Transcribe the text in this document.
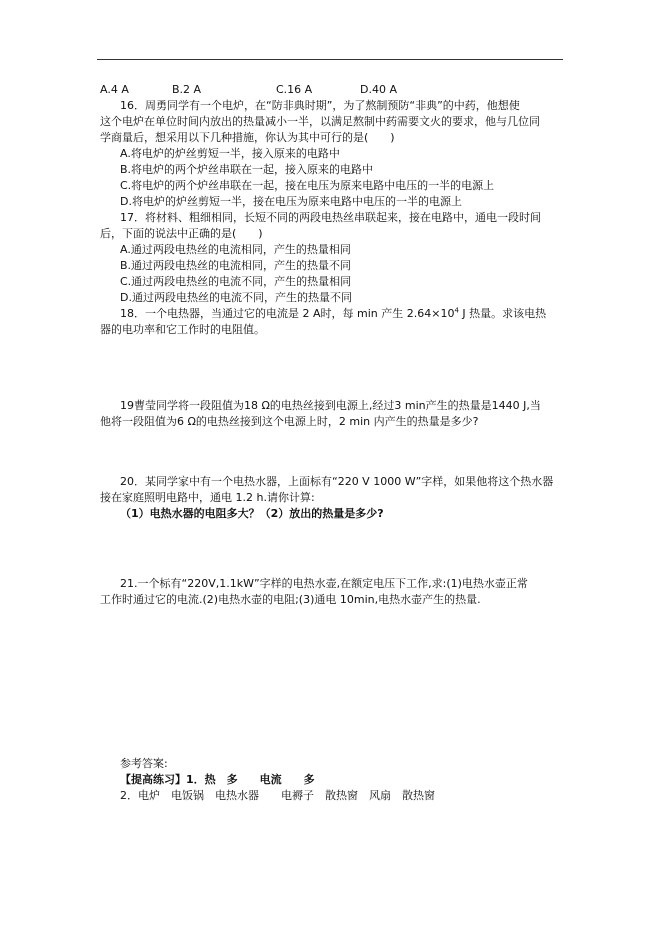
A.4 A	B.2 A	C.16 A	D.40 A
16．周勇同学有一个电炉，在“防非典时期”，为了熬制预防“非典”的中药，他想使
这个电炉在单位时间内放出的热量减小一半，以满足熬制中药需要文火的要求，他与几位同
学商量后，想采用以下几种措施，你认为其中可行的是(　　)
A.将电炉的炉丝剪短一半，接入原来的电路中
B.将电炉的两个炉丝串联在一起，接入原来的电路中
C.将电炉的两个炉丝串联在一起，接在电压为原来电路中电压的一半的电源上
D.将电炉的炉丝剪短一半，接在电压为原来电路中电压的一半的电源上
17．将材料、粗细相同，长短不同的两段电热丝串联起来，接在电路中，通电一段时间
后，下面的说法中正确的是(　　)
A.通过两段电热丝的电流相同，产生的热量相同
B.通过两段电热丝的电流相同，产生的热量不同
C.通过两段电热丝的电流不同，产生的热量相同
D.通过两段电热丝的电流不同，产生的热量不同
18．一个电热器，当通过它的电流是 2 A时，每 min 产生 $2.64\times 10^4$ J 热量。求该电热
器的电功率和它工作时的电阻值。
19曹莹同学将一段阻值为18 Ω的电热丝接到电源上,经过3 min产生的热量是1440 J,当
他将一段阻值为6 Ω的电热丝接到这个电源上时，2 min 内产生的热量是多少?
20．某同学家中有一个电热水器，上面标有“220 V 1000 W”字样，如果他将这个热水器
接在家庭照明电路中，通电 1.2 h.请你计算:
（1）电热水器的电阻多大？（2）放出的热量是多少?
21.一个标有“220V,1.1kW”字样的电热水壶,在额定电压下工作,求:(1)电热水壶正常
工作时通过它的电流.(2)电热水壶的电阻;(3)通电 10min,电热水壶产生的热量.
参考答案:
【提高练习】1．热　多　　电流　　多
2．电炉　电饭锅　电热水器　　电褥子　散热窗　风扇　散热窗
